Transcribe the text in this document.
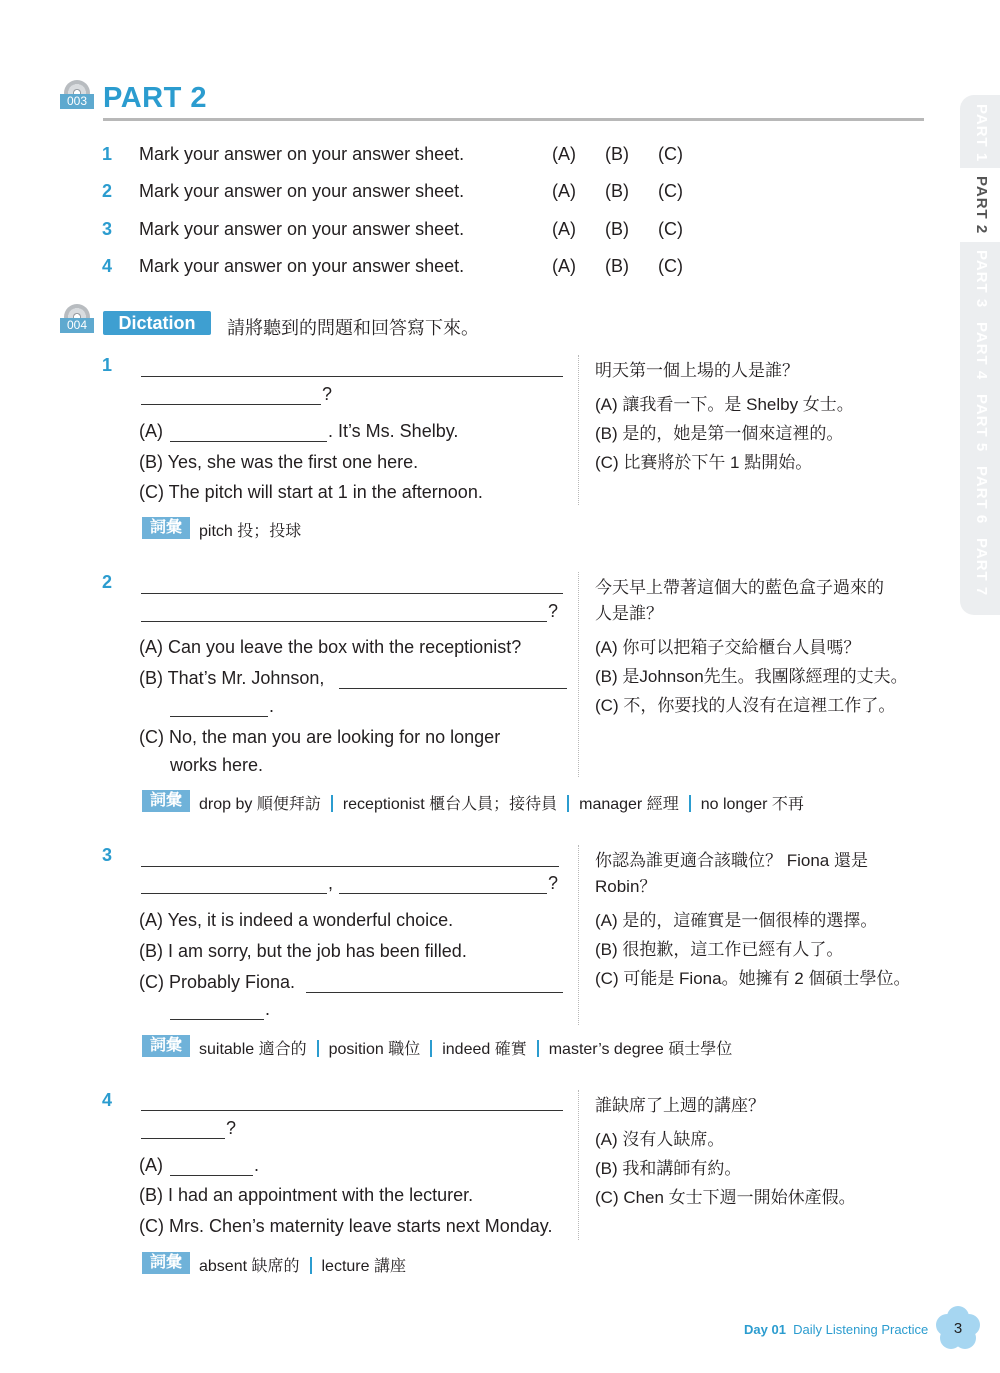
PART 1
PART 2
PART 3
PART 4
PART 5
PART 6
PART 7
003 PART 2
1 Mark your answer on your answer sheet.	(A) (B) (C)
2 Mark your answer on your answer sheet.	(A) (B) (C)
3 Mark your answer on your answer sheet.	(A) (B) (C)
4 Mark your answer on your answer sheet.	(A) (B) (C)
004	Dictation	請將聽到的問題和回答寫下來。
1
?
(A)	. It’s Ms. Shelby.
(B) Yes, she was the first one here.
(C) The pitch will start at 1 in the afternoon.
明天第一個上場的人是誰？
(A) 讓我看一下。是 Shelby 女士。
(B) 是的，她是第一個來這裡的。
(C) 比賽將於下午 1 點開始。
詞彙	pitch 投；投球
2
?
(A) Can you leave the box with the receptionist?
(B) That’s Mr. Johnson,
.
(C) No, the man you are looking for no longer
works here.
今天早上帶著這個大的藍色盒子過來的
人是誰？
(A) 你可以把箱子交給櫃台人員嗎？
(B) 是Johnson先生。我團隊經理的丈夫。
(C) 不，你要找的人沒有在這裡工作了。
詞彙	drop by 順便拜訪 receptionist 櫃台人員；接待員 manager 經理 no longer 不再
3
,	?
(A) Yes, it is indeed a wonderful choice.
(B) I am sorry, but the job has been filled.
(C) Probably Fiona.
.
你認為誰更適合該職位？ Fiona 還是
Robin？
(A) 是的，這確實是一個很棒的選擇。
(B) 很抱歉，這工作已經有人了。
(C) 可能是 Fiona。她擁有 2 個碩士學位。
詞彙	suitable 適合的 position 職位 indeed 確實 master’s degree 碩士學位
4
?
(A)	.
(B) I had an appointment with the lecturer.
(C) Mrs. Chen’s maternity leave starts next Monday.
誰缺席了上週的講座？
(A) 沒有人缺席。
(B) 我和講師有約。
(C) Chen 女士下週一開始休產假。
詞彙	absent 缺席的 lecture 講座
Day 01 Daily Listening Practice	3
